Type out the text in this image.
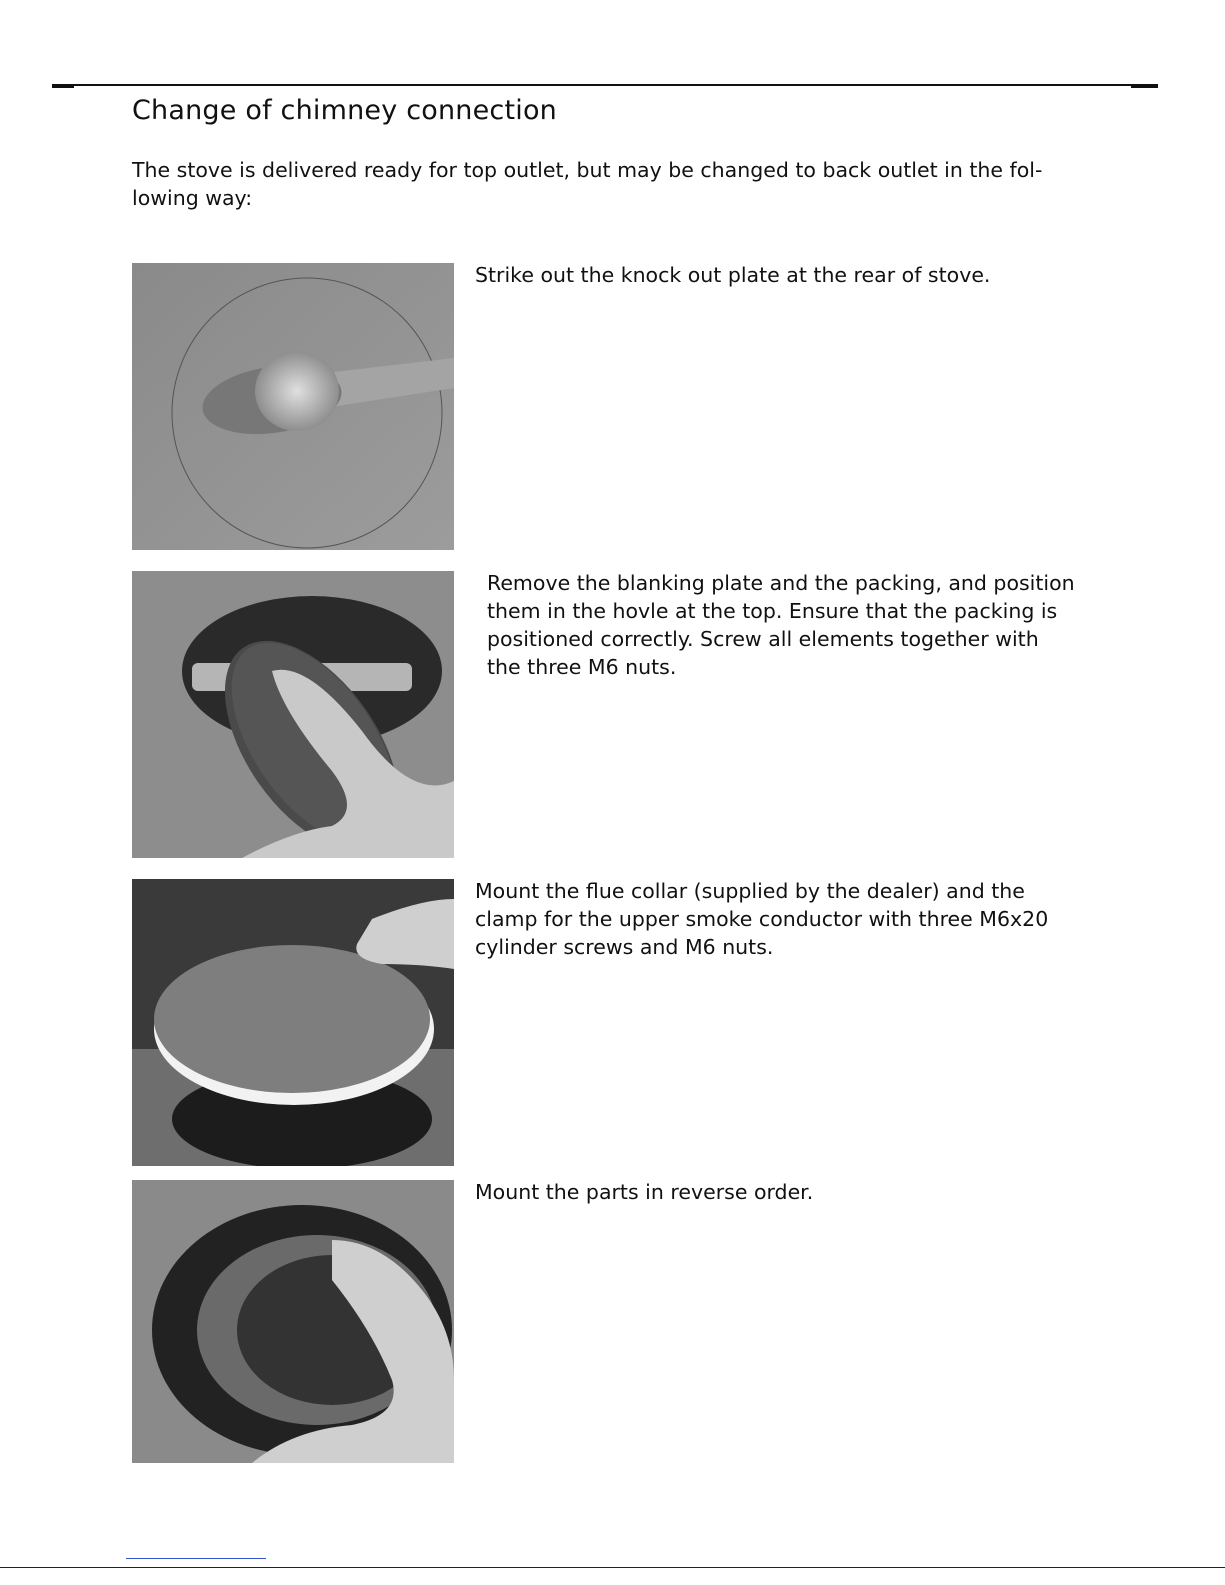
Change of chimney connection

The stove is delivered ready for top outlet, but may be changed to back outlet in the fol-lowing way:

Strike out the knock out plate at the rear of stove.

Remove the blanking plate and the packing, and position them in the hovle at the top. Ensure that the packing is positioned correctly. Screw all elements together with the three M6 nuts.

Mount the flue collar (supplied by the dealer) and the clamp for the upper smoke conductor with three M6x20 cylinder screws and M6 nuts.

Mount the parts in reverse order.
